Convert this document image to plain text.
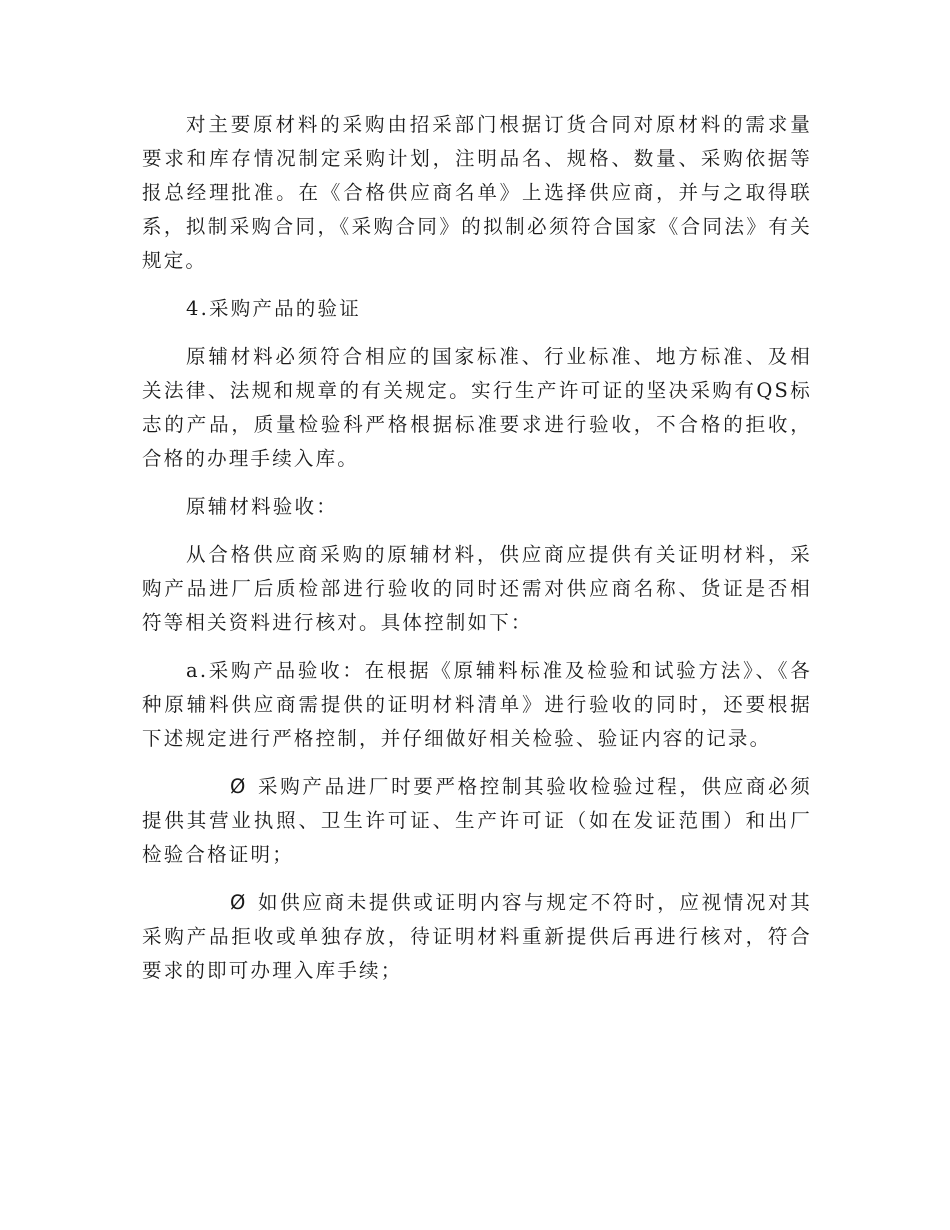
对主要原材料的采购由招采部门根据订货合同对原材料的需求量要求和库存情况制定采购计划，注明品名、规格、数量、采购依据等报总经理批准。在《合格供应商名单》上选择供应商，并与之取得联系，拟制采购合同，《采购合同》的拟制必须符合国家《合同法》有关规定。

4.采购产品的验证

原辅材料必须符合相应的国家标准、行业标准、地方标准、及相关法律、法规和规章的有关规定。实行生产许可证的坚决采购有QS标志的产品，质量检验科严格根据标准要求进行验收，不合格的拒收，合格的办理手续入库。

原辅材料验收：

从合格供应商采购的原辅材料，供应商应提供有关证明材料，采购产品进厂后质检部进行验收的同时还需对供应商名称、货证是否相符等相关资料进行核对。具体控制如下：

a.采购产品验收：在根据《原辅料标准及检验和试验方法》、《各种原辅料供应商需提供的证明材料清单》进行验收的同时，还要根据下述规定进行严格控制，并仔细做好相关检验、验证内容的记录。

Ø 采购产品进厂时要严格控制其验收检验过程，供应商必须提供其营业执照、卫生许可证、生产许可证（如在发证范围）和出厂检验合格证明；

Ø 如供应商未提供或证明内容与规定不符时，应视情况对其采购产品拒收或单独存放，待证明材料重新提供后再进行核对，符合要求的即可办理入库手续；
